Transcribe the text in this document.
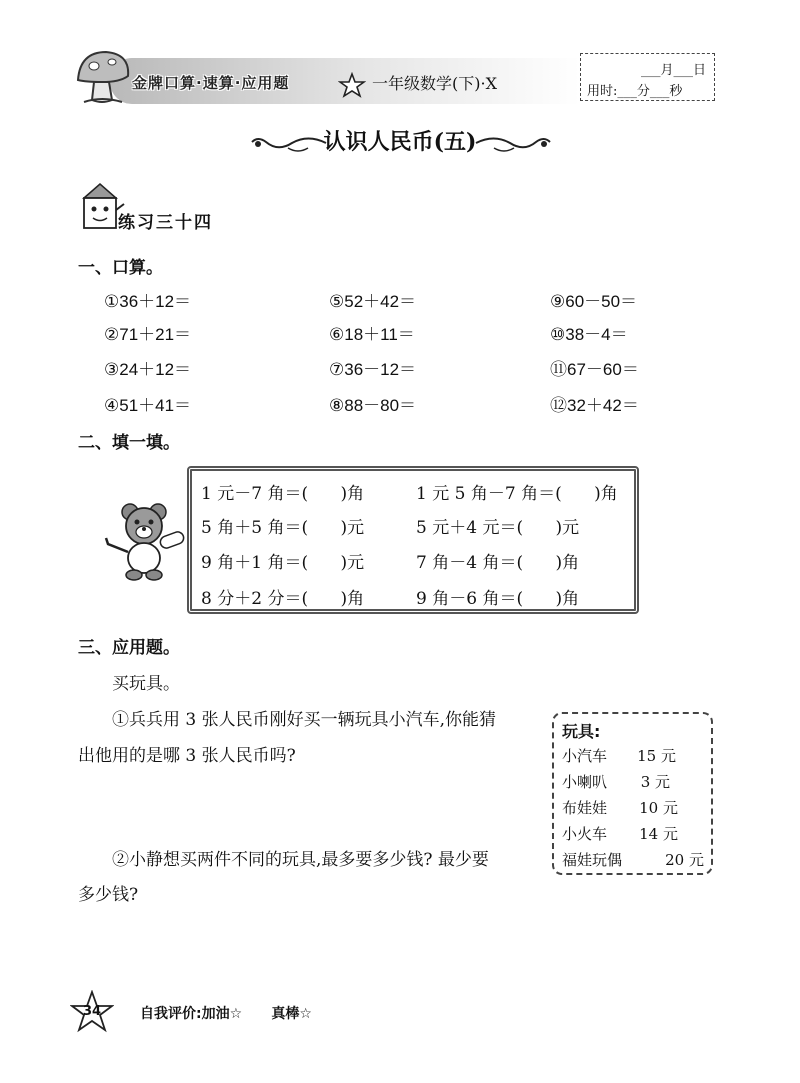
金牌口算·速算·应用题	一年级数学(下)·X
___月___日
用时:___分___秒
认识人民币(五)
练习三十四
一、口算。
①36＋12＝
②71＋21＝
③24＋12＝
④51＋41＝
⑤52＋42＝
⑥18＋11＝
⑦36－12＝
⑧88－80＝
⑨60－50＝
⑩38－4＝
⑪67－60＝
⑫32＋42＝
二、填一填。
1 元－7 角＝(      )角	1 元 5 角－7 角＝(      )角
5 角＋5 角＝(      )元	5 元＋4 元＝(      )元
9 角＋1 角＝(      )元	7 角－4 角＝(      )角
8 分＋2 分＝(      )角	9 角－6 角＝(      )角
三、应用题。
买玩具。
①兵兵用 3 张人民币刚好买一辆玩具小汽车,你能猜
出他用的是哪 3 张人民币吗?
②小静想买两件不同的玩具,最多要多少钱? 最少要
多少钱?
玩具:
小汽车	15 元
小喇叭	3 元
布娃娃	10 元
小火车	14 元
福娃玩偶	20 元
34	自我评价:加油☆      真棒☆
